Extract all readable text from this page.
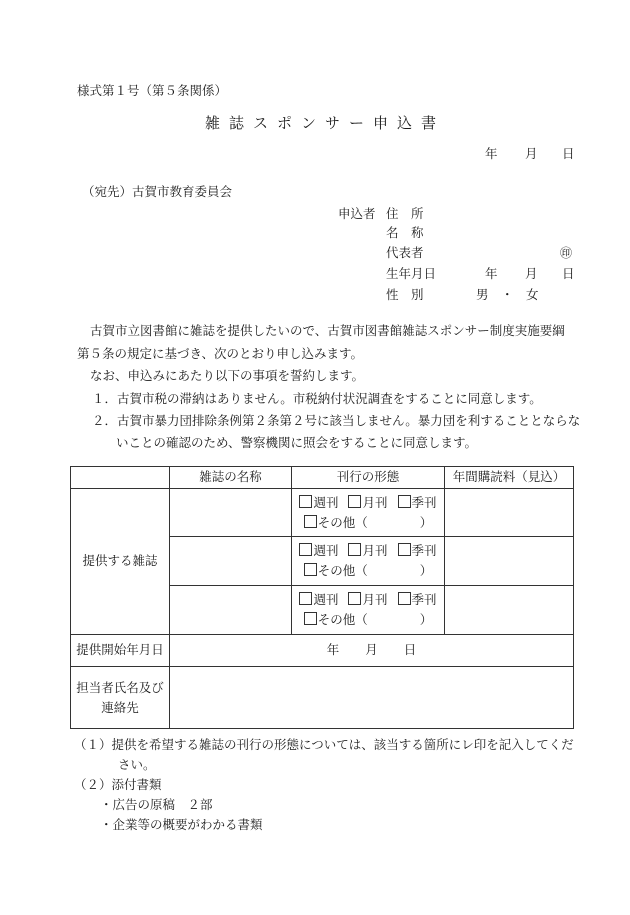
様式第１号（第５条関係）
雑誌スポンサー申込書
年 月 日
（宛先）古賀市教育委員会
申込者 住　所
名　称
代表者	㊞
生年月日	年 月 日
性　別	男　・　女
古賀市立図書館に雑誌を提供したいので、古賀市図書館雑誌スポンサー制度実施要綱
第５条の規定に基づき、次のとおり申し込みます。
なお、申込みにあたり以下の事項を誓約します。
１．古賀市税の滞納はありません。市税納付状況調査をすることに同意します。
２．古賀市暴力団排除条例第２条第２号に該当しません。暴力団を利することとならな
いことの確認のため、警察機関に照会をすることに同意します。
	雑誌の名称	刊行の形態	年間購読料（見込）
提供する雑誌		週刊 月刊 季刊
その他（ ）	

		週刊 月刊 季刊
その他（ ）	

		週刊 月刊 季刊
その他（ ）	

提供開始年月日	年 月 日		

担当者氏名及び
連絡先			

（１）提供を希望する雑誌の刊行の形態については、該当する箇所にレ印を記入してくだ
さい。
（２）添付書類
・広告の原稿　２部
・企業等の概要がわかる書類
